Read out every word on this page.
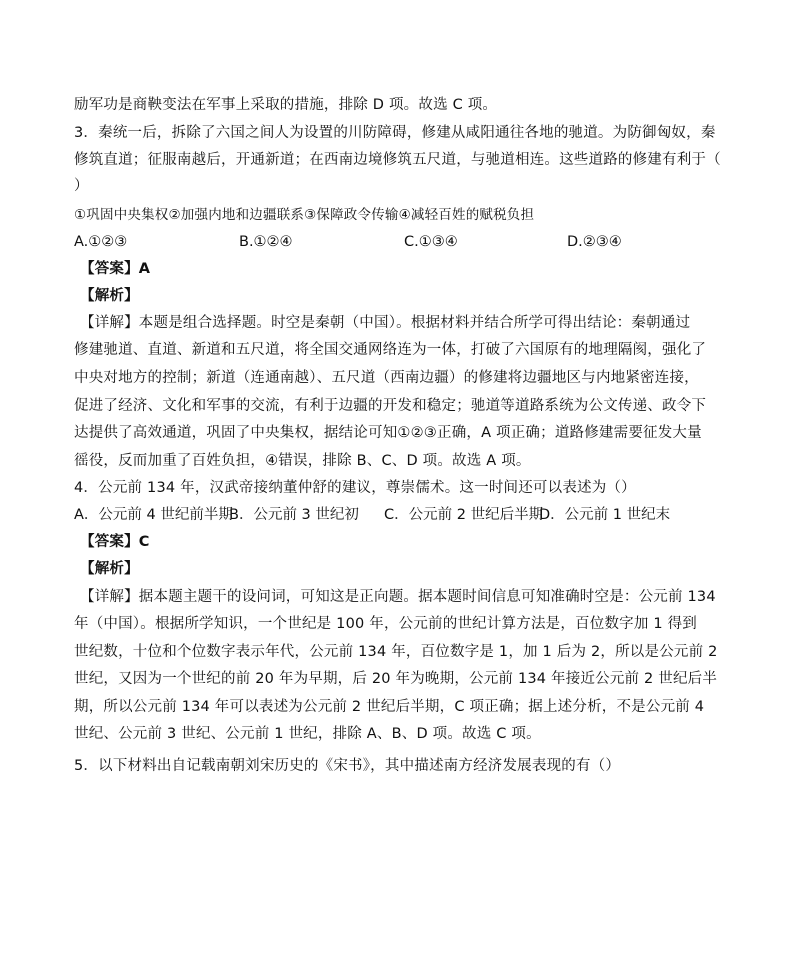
励军功是商鞅变法在军事上采取的措施，排除 D 项。故选 C 项。
3．秦统一后，拆除了六国之间人为设置的川防障碍，修建从咸阳通往各地的驰道。为防御匈奴，秦
修筑直道；征服南越后，开通新道；在西南边境修筑五尺道，与驰道相连。这些道路的修建有利于（
）
①巩固中央集权②加强内地和边疆联系③保障政令传输④减轻百姓的赋税负担
A.①②③	B.①②④	C.①③④	D.②③④
【答案】A
【解析】
【详解】本题是组合选择题。时空是秦朝（中国）。根据材料并结合所学可得出结论：秦朝通过
修建驰道、直道、新道和五尺道，将全国交通网络连为一体，打破了六国原有的地理隔阂，强化了
中央对地方的控制；新道（连通南越）、五尺道（西南边疆）的修建将边疆地区与内地紧密连接，
促进了经济、文化和军事的交流，有利于边疆的开发和稳定；驰道等道路系统为公文传递、政令下
达提供了高效通道，巩固了中央集权，据结论可知①②③正确，A 项正确；道路修建需要征发大量
徭役，反而加重了百姓负担，④错误，排除 B、C、D 项。故选 A 项。
4．公元前 134 年，汉武帝接纳董仲舒的建议，尊崇儒术。这一时间还可以表述为（）
A．公元前 4 世纪前半期
B．公元前 3 世纪初 C．公元前 2 世纪后半期
D．公元前 1 世纪末
【答案】C
【解析】
【详解】据本题主题干的设问词，可知这是正向题。据本题时间信息可知准确时空是：公元前 134
年（中国）。根据所学知识，一个世纪是 100 年，公元前的世纪计算方法是，百位数字加 1 得到
世纪数，十位和个位数字表示年代，公元前 134 年，百位数字是 1，加 1 后为 2，所以是公元前 2
世纪，又因为一个世纪的前 20 年为早期，后 20 年为晚期，公元前 134 年接近公元前 2 世纪后半
期，所以公元前 134 年可以表述为公元前 2 世纪后半期，C 项正确；据上述分析，不是公元前 4
世纪、公元前 3 世纪、公元前 1 世纪，排除 A、B、D 项。故选 C 项。
5．以下材料出自记载南朝刘宋历史的《宋书》，其中描述南方经济发展表现的有（）
